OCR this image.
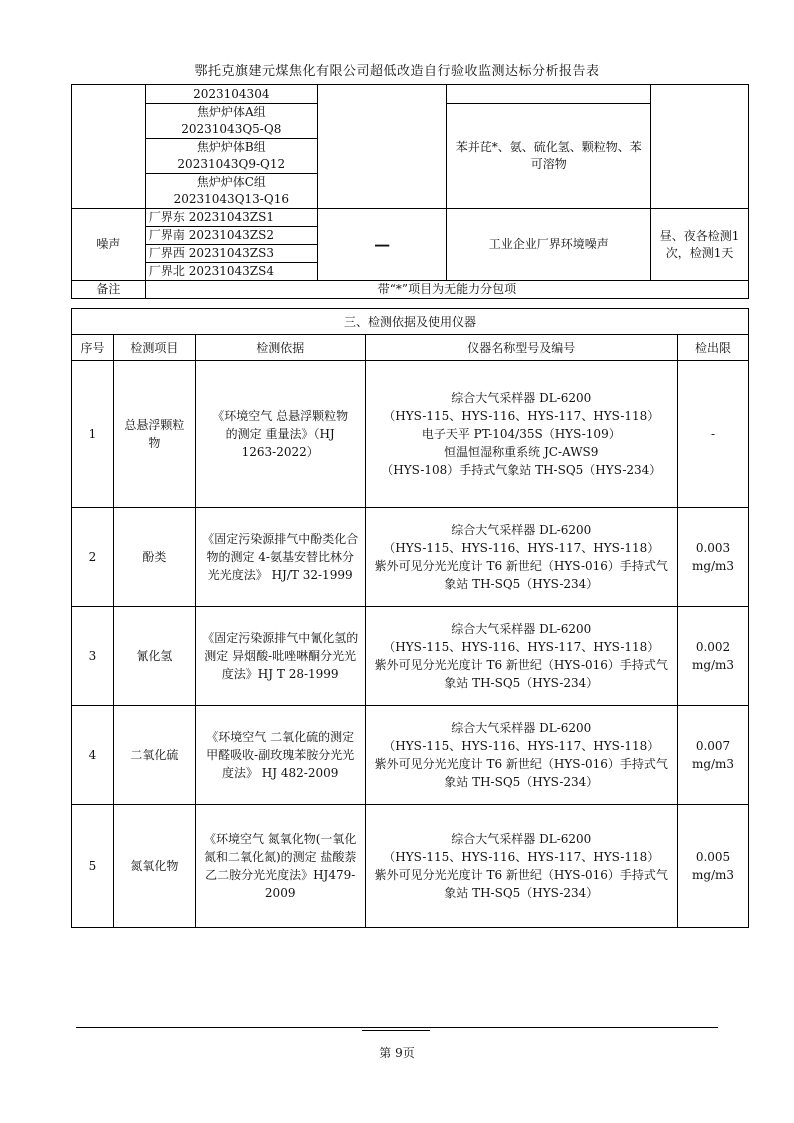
鄂托克旗建元煤焦化有限公司超低改造自行验收监测达标分析报告表
	2023104304			

	焦炉炉体A组
20231043Q5-Q8		苯并芘*、氨、硫化氢、颗粒物、苯可溶物	

	焦炉炉体B组
20231043Q9-Q12			

	焦炉炉体C组
20231043Q13-Q16			

噪声	厂界东 20231043ZS1	—	工业企业厂界环境噪声	昼、夜各检测1次，检测1天
	厂界南 20231043ZS2			
	厂界西 20231043ZS3			
	厂界北 20231043ZS4			
备注	带“*”项目为无能力分包项			
三、检测依据及使用仪器				
序号	检测项目	检测依据	仪器名称型号及编号	检出限
1	总悬浮颗粒物	《环境空气 总悬浮颗粒物的测定 重量法》（HJ 1263-2022）	综合大气采样器 DL-6200
（HYS-115、HYS-116、HYS-117、HYS-118）
电子天平 PT-104/35S（HYS-109）
恒温恒湿称重系统 JC-AWS9
（HYS-108）手持式气象站 TH-SQ5（HYS-234）	-
2	酚类	《固定污染源排气中酚类化合物的测定 4-氨基安替比林分光光度法》 HJ/T 32-1999	综合大气采样器 DL-6200
（HYS-115、HYS-116、HYS-117、HYS-118）
紫外可见分光光度计 T6 新世纪（HYS-016）手持式气象站 TH-SQ5（HYS-234）	0.003 mg/m3
3	氰化氢	《固定污染源排气中氰化氢的测定 异烟酸-吡唑啉酮分光光度法》HJ T 28-1999	综合大气采样器 DL-6200
（HYS-115、HYS-116、HYS-117、HYS-118）
紫外可见分光光度计 T6 新世纪（HYS-016）手持式气象站 TH-SQ5（HYS-234）	0.002 mg/m3
4	二氧化硫	《环境空气 二氧化硫的测定 甲醛吸收-副玫瑰苯胺分光光度法》 HJ 482-2009	综合大气采样器 DL-6200
（HYS-115、HYS-116、HYS-117、HYS-118）
紫外可见分光光度计 T6 新世纪（HYS-016）手持式气象站 TH-SQ5（HYS-234）	0.007 mg/m3
5	氮氧化物	《环境空气 氮氧化物(一氧化氮和二氧化氮)的测定 盐酸萘乙二胺分光光度法》HJ479-2009	综合大气采样器 DL-6200
（HYS-115、HYS-116、HYS-117、HYS-118）
紫外可见分光光度计 T6 新世纪（HYS-016）手持式气象站 TH-SQ5（HYS-234）	0.005 mg/m3
第 9页
